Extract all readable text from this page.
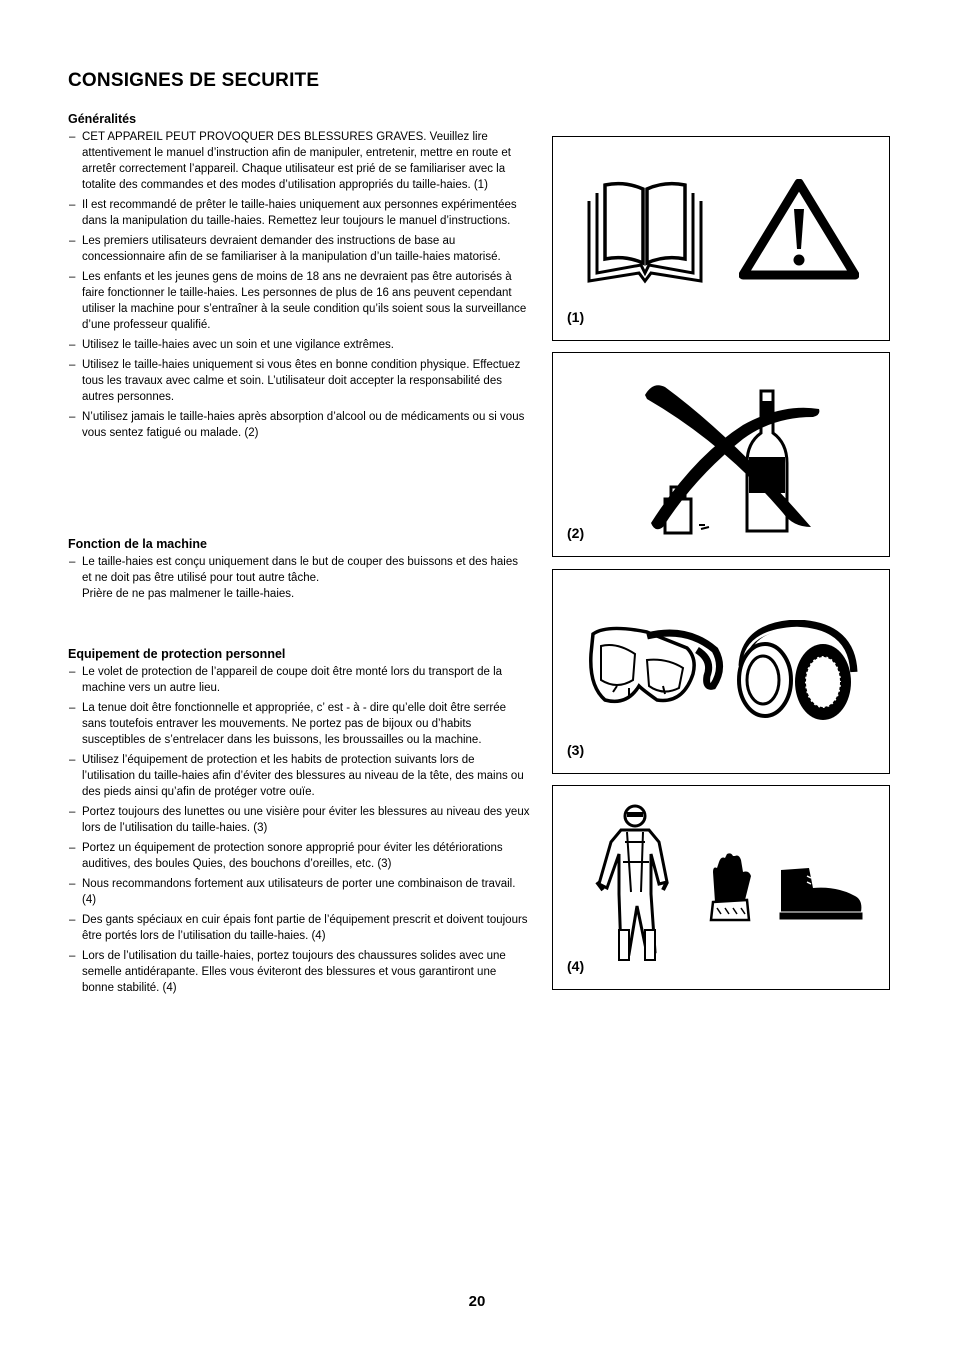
CONSIGNES DE SECURITE
Généralités
– CET APPAREIL PEUT PROVOQUER DES BLESSURES GRAVES. Veuillez lire attentivement le manuel d’instruction afin de manipuler, entretenir, mettre en route et arretêr correctement l’appareil. Chaque utilisateur est prié de se familiariser avec la totalite des commandes et des modes d’utilisation appropriés du taille-haies. (1)
– Il est recommandé de prêter le taille-haies uniquement aux personnes expérimentées dans la manipulation du taille-haies. Remettez leur toujours le manuel d’instructions.
– Les premiers utilisateurs devraient demander des instructions de base au concessionnaire afin de se familiariser à la manipulation d’un taille-haies matorisé.
– Les enfants et les jeunes gens de moins de 18 ans ne devraient pas être autorisés à faire fonctionner le taille-haies. Les personnes de plus de 16 ans peuvent cependant utiliser la machine pour s’entraîner à la seule condition qu’ils soient sous la surveillance d’une professeur qualifié.
– Utilisez le taille-haies avec un soin et une vigilance extrêmes.
– Utilisez le taille-haies uniquement si vous êtes en bonne condition physique. Effectuez tous les travaux avec calme et soin. L’utilisateur doit accepter la responsabilité des autres personnes.
– N’utilisez jamais le taille-haies après absorption d’alcool ou de médicaments ou si vous vous sentez fatigué ou malade. (2)
Fonction de la machine
– Le taille-haies est conçu uniquement dans le but de couper des buissons et des haies et ne doit pas être utilisé pour tout autre tâche.
Prière de ne pas malmener le taille-haies.
Equipement de protection personnel
– Le volet de protection de l’appareil de coupe doit être monté lors du transport de la machine vers un autre lieu.
– La tenue doit être fonctionnelle et appropriée, c’ est - à - dire qu’elle doit être serrée sans toutefois entraver les mouvements. Ne portez pas de bijoux ou d’habits susceptibles de s’entrelacer dans les buissons, les broussailles ou la machine.
– Utilisez l’équipement de protection et les habits de protection suivants lors de l’utilisation du taille-haies afin d’éviter des blessures au niveau de la tête, des mains ou des pieds ainsi qu’afin de protéger votre ouïe.
– Portez toujours des lunettes ou une visière pour éviter les blessures au niveau des yeux lors de l’utilisation du taille-haies. (3)
– Portez un équipement de protection sonore approprié pour éviter les détériorations auditives, des boules Quies, des bouchons d’oreilles, etc. (3)
– Nous recommandons fortement aux utilisateurs de porter une combinaison de travail. (4)
– Des gants spéciaux en cuir épais font partie de l’équipement prescrit et doivent toujours être portés lors de l’utilisation du taille-haies. (4)
– Lors de l’utilisation du taille-haies, portez toujours des chaussures solides avec une semelle antidérapante. Elles vous éviteront des blessures et vous garantiront une bonne stabilité. (4)
(1)
(2)
(3)
(4)
20
